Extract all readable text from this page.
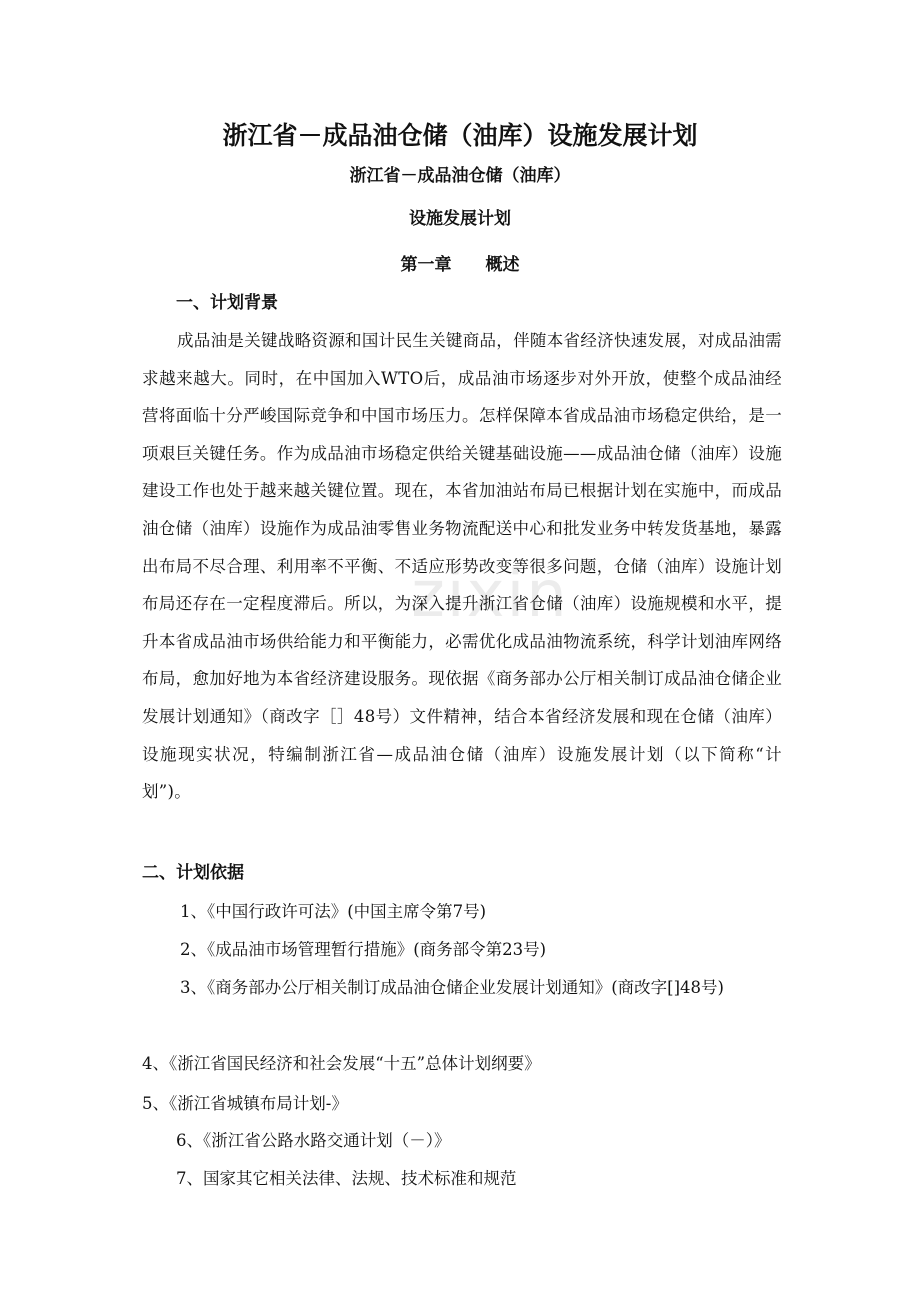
zixin
浙江省－成品油仓储（油库）设施发展计划
浙江省－成品油仓储（油库）
设施发展计划
第一章　　概述
一、计划背景

成品油是关键战略资源和国计民生关键商品，伴随本省经济快速发展，对成品油需求越来越大。同时，在中国加入WTO后，成品油市场逐步对外开放，使整个成品油经营将面临十分严峻国际竞争和中国市场压力。怎样保障本省成品油市场稳定供给，是一项艰巨关键任务。作为成品油市场稳定供给关键基础设施——成品油仓储（油库）设施建设工作也处于越来越关键位置。现在，本省加油站布局已根据计划在实施中，而成品油仓储（油库）设施作为成品油零售业务物流配送中心和批发业务中转发货基地，暴露出布局不尽合理、利用率不平衡、不适应形势改变等很多问题，仓储（油库）设施计划布局还存在一定程度滞后。所以，为深入提升浙江省仓储（油库）设施规模和水平，提升本省成品油市场供给能力和平衡能力，必需优化成品油物流系统，科学计划油库网络布局，愈加好地为本省经济建设服务。现依据《商务部办公厅相关制订成品油仓储企业发展计划通知》（商改字［］48号）文件精神，结合本省经济发展和现在仓储（油库）设施现实状况，特编制浙江省—成品油仓储（油库）设施发展计划（以下简称“计划”)。

二、计划依据
1、《中国行政许可法》(中国主席令第7号)
2、《成品油市场管理暂行措施》(商务部令第23号)

3、《商务部办公厅相关制订成品油仓储企业发展计划通知》(商改字[]48号)

4、《浙江省国民经济和社会发展“十五”总体计划纲要》
5、《浙江省城镇布局计划-》
6、《浙江省公路水路交通计划（－）》
7、国家其它相关法律、法规、技术标准和规范
